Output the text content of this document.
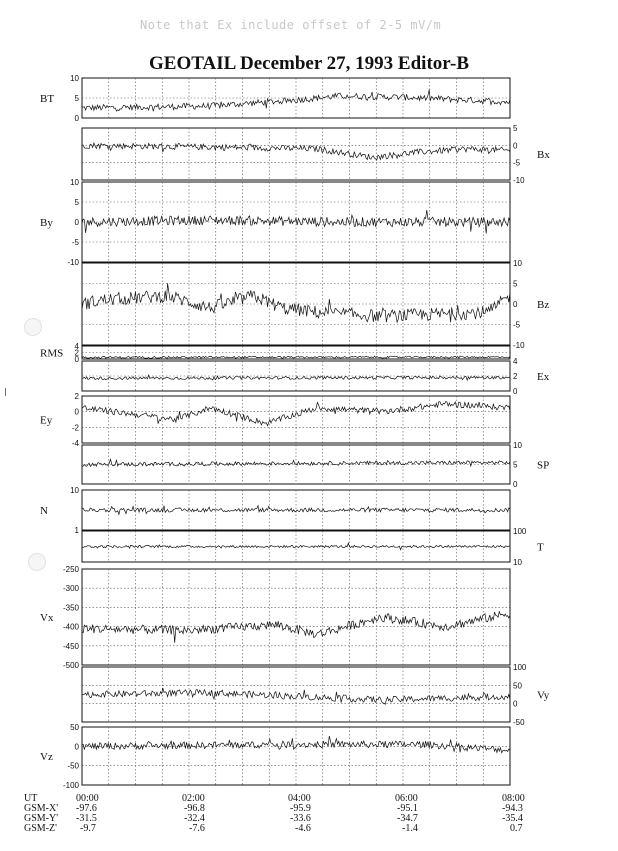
Note that Ex include offset of 2-5 mV/m
GEOTAIL December 27, 1993 Editor-B
10
5
0
BT
5
0
-5
-10
Bx
10
5
0
-5
-10
By
10
5
0
-5
-10
Bz
4
2
0
RMS
4
2
0
Ex
2
0
-2
-4
Ey
10
5
0
SP
10
1
N
100
10
T
-250
-300
-350
-400
-450
-500
Vx
100
50
0
-50
Vy
50
0
-50
-100
Vz
UT
GSM-X'
GSM-Y'
GSM-Z'
00:00
-97.6
-31.5
-9.7
02:00
-96.8
-32.4
-7.6
04:00
-95.9
-33.6
-4.6
06:00
-95.1
-34.7
-1.4
08:00
-94.3
-35.4
0.7
